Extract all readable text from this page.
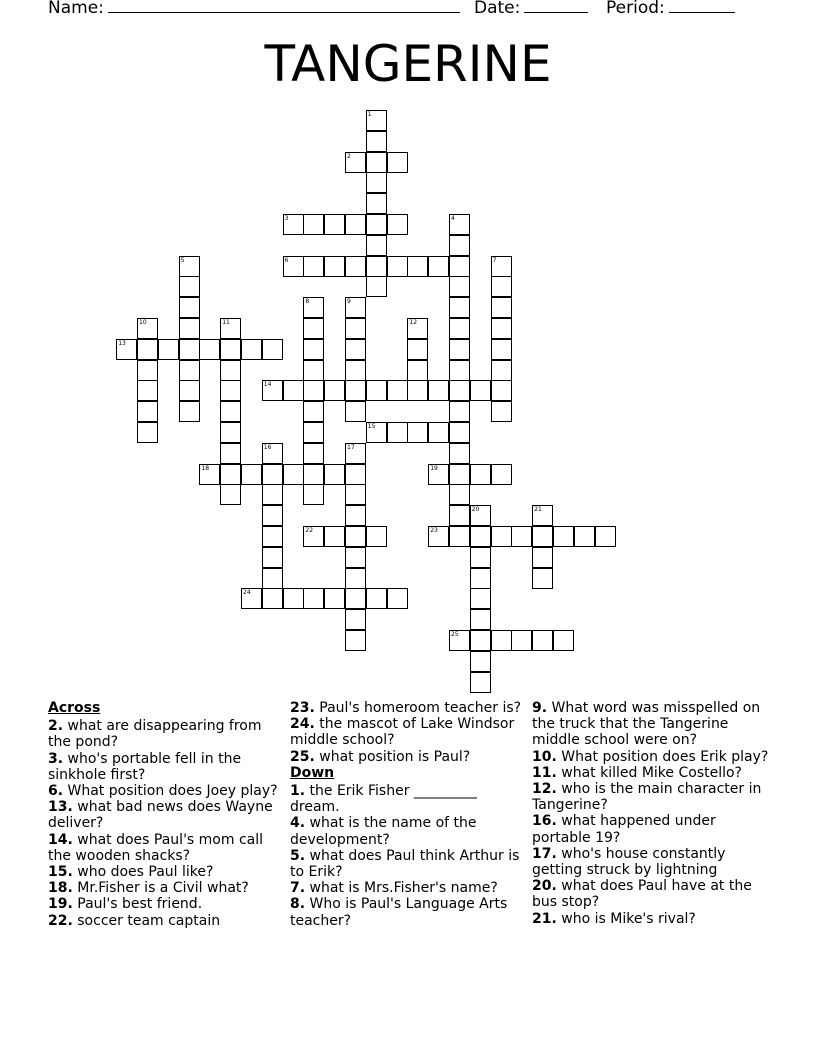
Name:	Date:	Period:
TANGERINE
1
2
3	4
5	6	7
8	9
10	11	12
13
14
15
16	17
18	19
20	21
22	23
24
25
Across
2. what are disappearing from the pond?
3. who's portable fell in the sinkhole first?
6. What position does Joey play?
13. what bad news does Wayne deliver?
14. what does Paul's mom call the wooden shacks?
15. who does Paul like?
18. Mr.Fisher is a Civil what?
19. Paul's best friend.
22. soccer team captain
23. Paul's homeroom teacher is?
24. the mascot of Lake Windsor middle school?
25. what position is Paul?
Down
1. the Erik Fisher _________ dream.
4. what is the name of the development?
5. what does Paul think Arthur is to Erik?
7. what is Mrs.Fisher's name?
8. Who is Paul's Language Arts teacher?
9. What word was misspelled on the truck that the Tangerine middle school were on?
10. What position does Erik play?
11. what killed Mike Costello?
12. who is the main character in Tangerine?
16. what happened under portable 19?
17. who's house constantly getting struck by lightning
20. what does Paul have at the bus stop?
21. who is Mike's rival?
